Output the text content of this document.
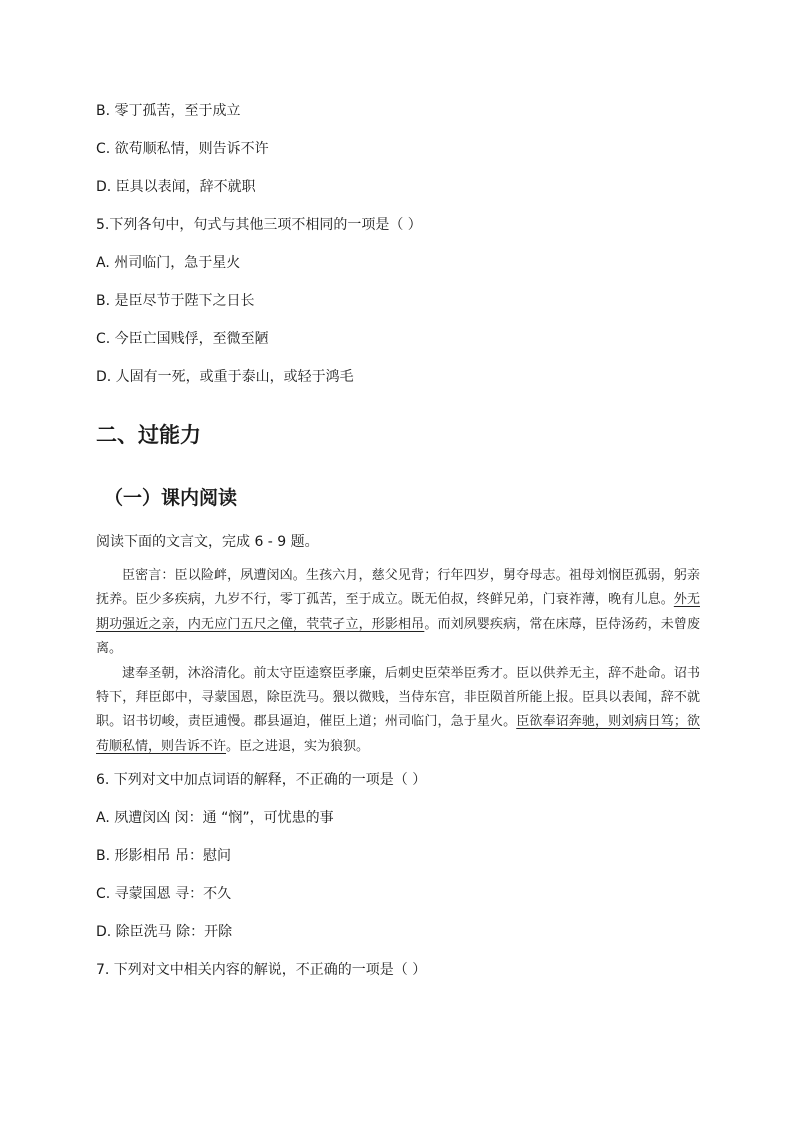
B. 零丁孤苦，至于成立
C. 欲苟顺私情，则告诉不许
D. 臣具以表闻，辞不就职
5.下列各句中，句式与其他三项不相同的一项是（ ）
A. 州司临门，急于星火
B. 是臣尽节于陛下之日长
C. 今臣亡国贱俘，至微至陋
D. 人固有一死，或重于泰山，或轻于鸿毛
二、过能力
（一）课内阅读
阅读下面的文言文，完成 6 - 9 题。

臣密言：臣以险衅，夙遭闵凶。生孩六月，慈父见背；行年四岁，舅夺母志。祖母刘悯臣孤弱，躬亲抚养。臣少多疾病，九岁不行，零丁孤苦，至于成立。既无伯叔，终鲜兄弟，门衰祚薄，晚有儿息。外无期功强近之亲，内无应门五尺之僮，茕茕孑立，形影相吊。而刘夙婴疾病，常在床蓐，臣侍汤药，未曾废离。

逮奉圣朝，沐浴清化。前太守臣逵察臣孝廉，后刺史臣荣举臣秀才。臣以供养无主，辞不赴命。诏书特下，拜臣郎中，寻蒙国恩，除臣洗马。猥以微贱，当侍东宫，非臣陨首所能上报。臣具以表闻，辞不就职。诏书切峻，责臣逋慢。郡县逼迫，催臣上道；州司临门，急于星火。臣欲奉诏奔驰，则刘病日笃；欲苟顺私情，则告诉不许。臣之进退，实为狼狈。

6. 下列对文中加点词语的解释，不正确的一项是（ ）
A. 夙遭闵凶 闵：通 “悯”，可忧患的事
B. 形影相吊 吊：慰问
C. 寻蒙国恩 寻：不久
D. 除臣洗马 除：开除
7. 下列对文中相关内容的解说，不正确的一项是（ ）
